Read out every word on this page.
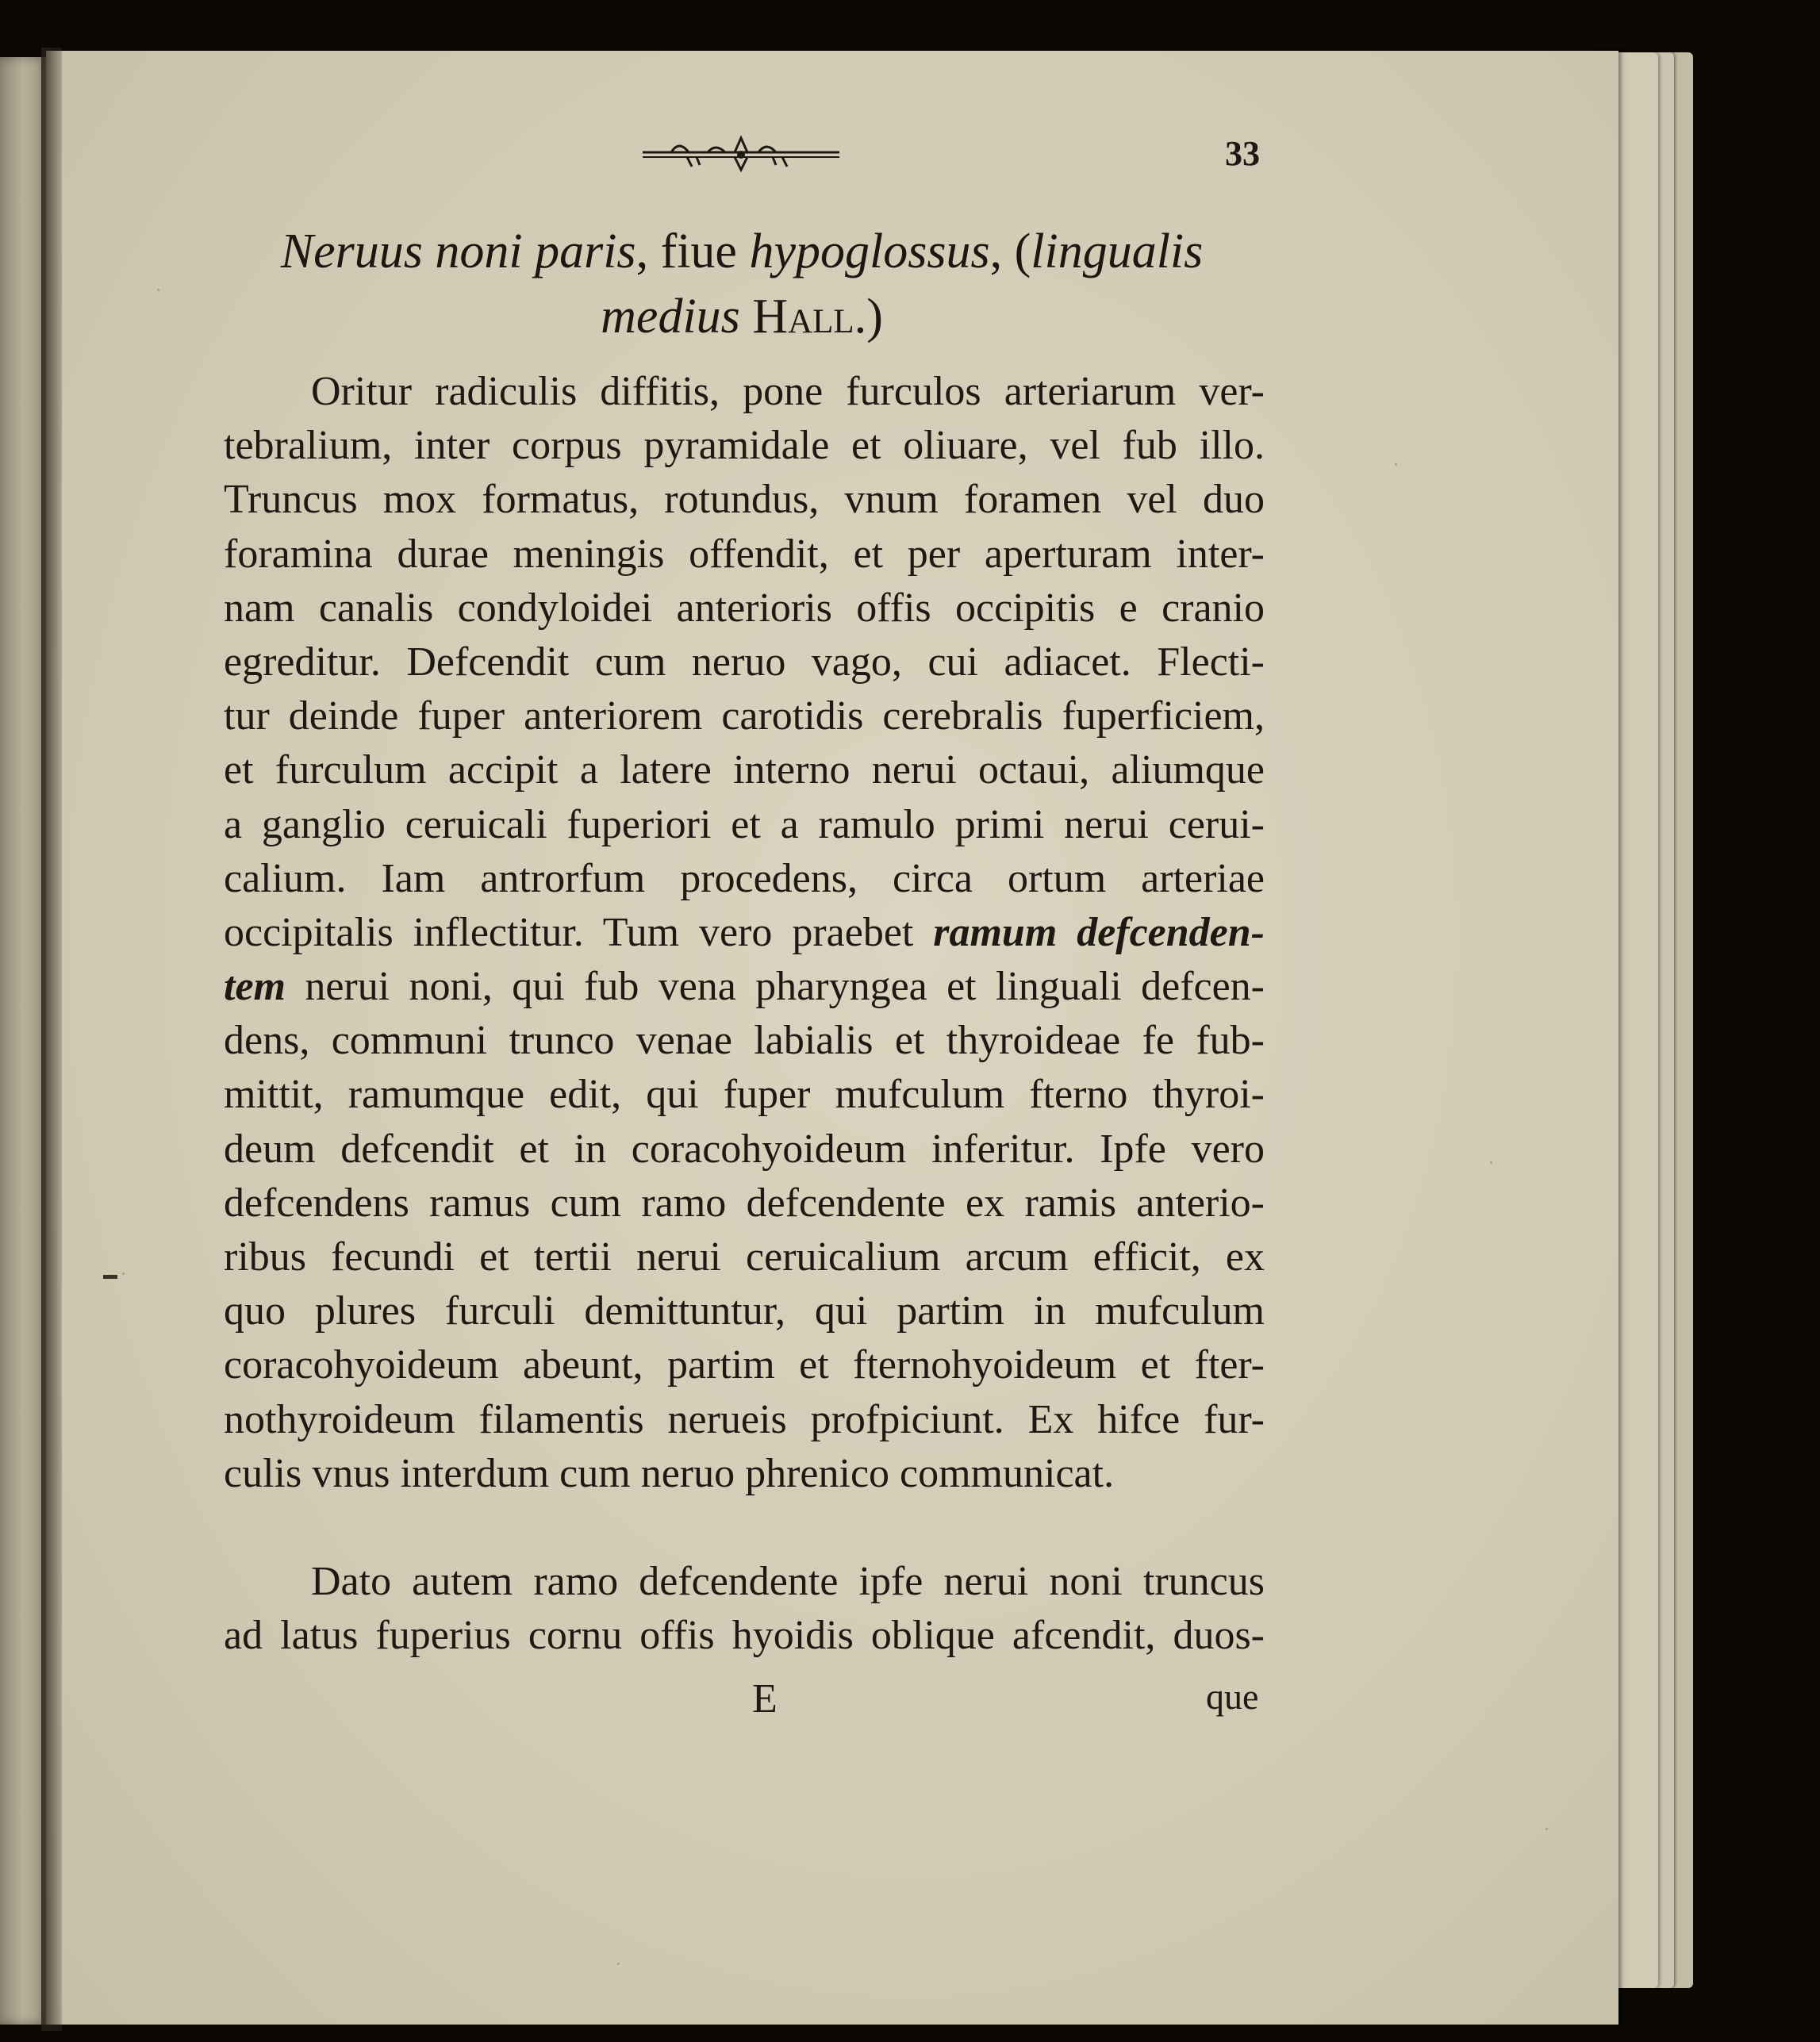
33
Neruus noni paris, fiue hypoglossus, (lingualis
medius Hall.)
Oritur radiculis diffitis, pone furculos arteriarum ver-
tebralium, inter corpus pyramidale et oliuare, vel fub illo.
Truncus mox formatus, rotundus, vnum foramen vel duo
foramina durae meningis offendit, et per aperturam inter-
nam canalis condyloidei anterioris offis occipitis e cranio
egreditur. Defcendit cum neruo vago, cui adiacet. Flecti-
tur deinde fuper anteriorem carotidis cerebralis fuperficiem,
et furculum accipit a latere interno nerui octaui, aliumque
a ganglio ceruicali fuperiori et a ramulo primi nerui cerui-
calium. Iam antrorfum procedens, circa ortum arteriae
occipitalis inflectitur. Tum vero praebet ramum defcenden-
tem nerui noni, qui fub vena pharyngea et linguali defcen-
dens, communi trunco venae labialis et thyroideae fe fub-
mittit, ramumque edit, qui fuper mufculum fterno thyroi-
deum defcendit et in coracohyoideum inferitur. Ipfe vero
defcendens ramus cum ramo defcendente ex ramis anterio-
ribus fecundi et tertii nerui ceruicalium arcum efficit, ex
quo plures furculi demittuntur, qui partim in mufculum
coracohyoideum abeunt, partim et fternohyoideum et fter-
nothyroideum filamentis nerueis profpiciunt. Ex hifce fur-
culis vnus interdum cum neruo phrenico communicat.
Dato autem ramo defcendente ipfe nerui noni truncus
ad latus fuperius cornu offis hyoidis oblique afcendit, duos-
E	que
